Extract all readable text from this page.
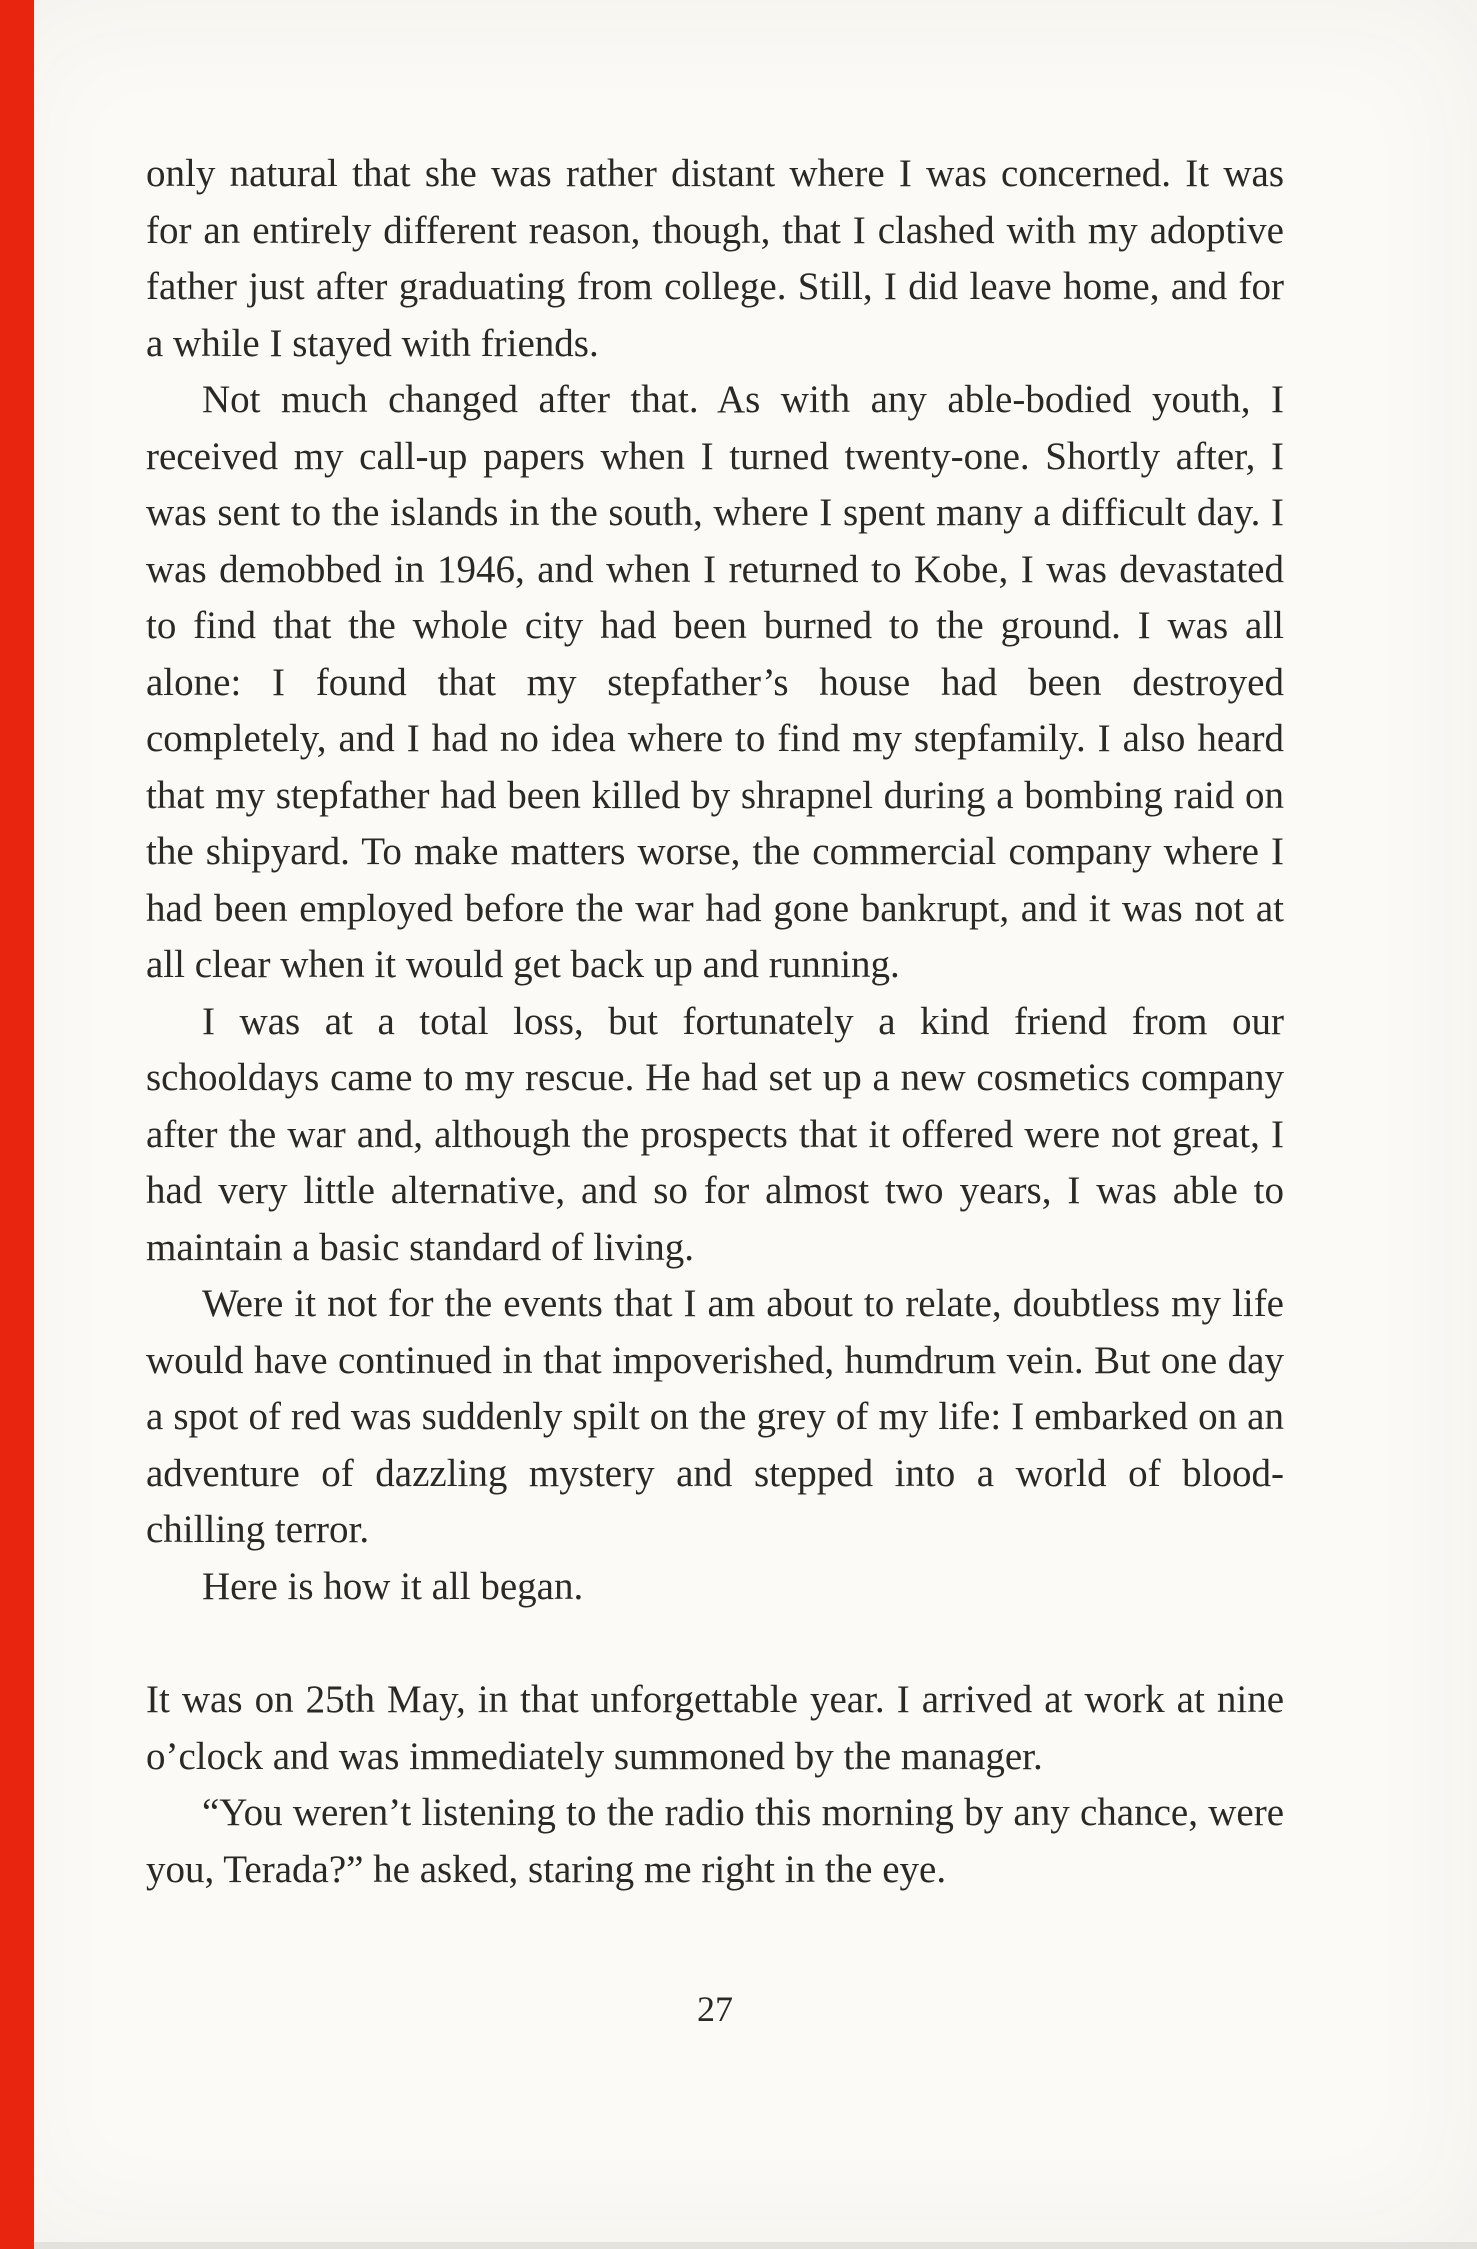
only natural that she was rather distant where I was concerned. It was for an entirely different reason, though, that I clashed with my adoptive father just after graduating from college. Still, I did leave home, and for a while I stayed with friends.

Not much changed after that. As with any able-bodied youth, I received my call-up papers when I turned twenty-one. Shortly after, I was sent to the islands in the south, where I spent many a difficult day. I was demobbed in 1946, and when I returned to Kobe, I was devastated to find that the whole city had been burned to the ground. I was all alone: I found that my stepfather’s house had been destroyed completely, and I had no idea where to find my stepfamily. I also heard that my stepfather had been killed by shrapnel during a bombing raid on the shipyard. To make matters worse, the commercial company where I had been employed before the war had gone bankrupt, and it was not at all clear when it would get back up and running.

I was at a total loss, but fortunately a kind friend from our schooldays came to my rescue. He had set up a new cosmetics company after the war and, although the prospects that it offered were not great, I had very little alternative, and so for almost two years, I was able to maintain a basic standard of living.

Were it not for the events that I am about to relate, doubtless my life would have continued in that impoverished, humdrum vein. But one day a spot of red was suddenly spilt on the grey of my life: I embarked on an adventure of dazzling mystery and stepped into a world of blood-chilling terror.

Here is how it all began.

It was on 25th May, in that unforgettable year. I arrived at work at nine o’clock and was immediately summoned by the manager.

“You weren’t listening to the radio this morning by any chance, were you, Terada?” he asked, staring me right in the eye.

27
